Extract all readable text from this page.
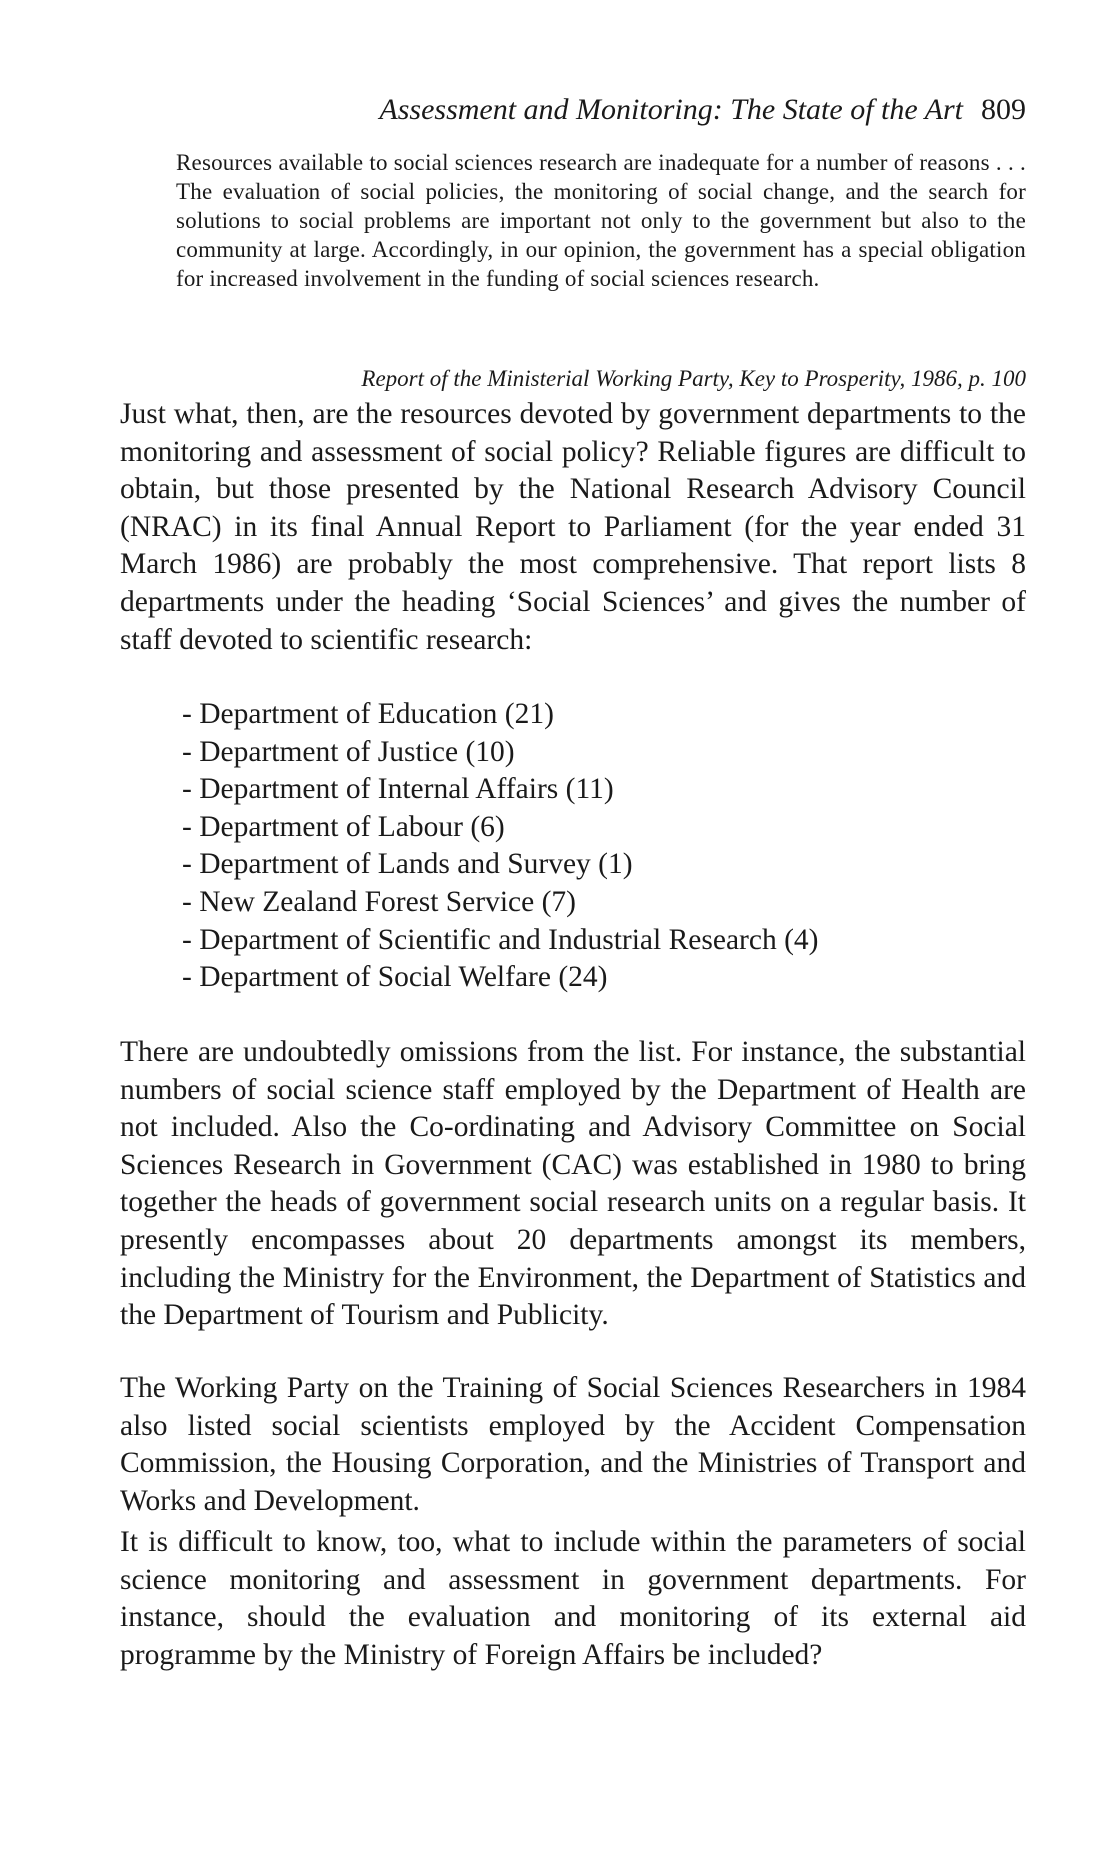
Assessment and Monitoring: The State of the Art 809

Resources available to social sciences research are inadequate for a number of reasons . . . The evaluation of social policies, the monitoring of social change, and the search for solutions to social problems are important not only to the government but also to the community at large. Accordingly, in our opinion, the government has a special obligation for increased involvement in the funding of social sciences research.

Report of the Ministerial Working Party, Key to Prosperity, 1986, p. 100

Just what, then, are the resources devoted by government departments to the monitoring and assessment of social policy? Reliable figures are difficult to obtain, but those presented by the National Research Advisory Council (NRAC) in its final Annual Report to Parliament (for the year ended 31 March 1986) are probably the most comprehensive. That report lists 8 departments under the heading ‘Social Sciences’ and gives the number of staff devoted to scientific research:

- Department of Education (21)
- Department of Justice (10)
- Department of Internal Affairs (11)
- Department of Labour (6)
- Department of Lands and Survey (1)
- New Zealand Forest Service (7)
- Department of Scientific and Industrial Research (4)
- Department of Social Welfare (24)

There are undoubtedly omissions from the list. For instance, the substantial numbers of social science staff employed by the Department of Health are not included. Also the Co-ordinating and Advisory Committee on Social Sciences Research in Government (CAC) was established in 1980 to bring together the heads of government social research units on a regular basis. It presently encompasses about 20 departments amongst its members, including the Ministry for the Environment, the Department of Statistics and the Department of Tourism and Publicity.

The Working Party on the Training of Social Sciences Researchers in 1984 also listed social scientists employed by the Accident Compensation Commission, the Housing Corporation, and the Ministries of Transport and Works and Development.

It is difficult to know, too, what to include within the parameters of social science monitoring and assessment in government departments. For instance, should the evaluation and monitoring of its external aid programme by the Ministry of Foreign Affairs be included?
